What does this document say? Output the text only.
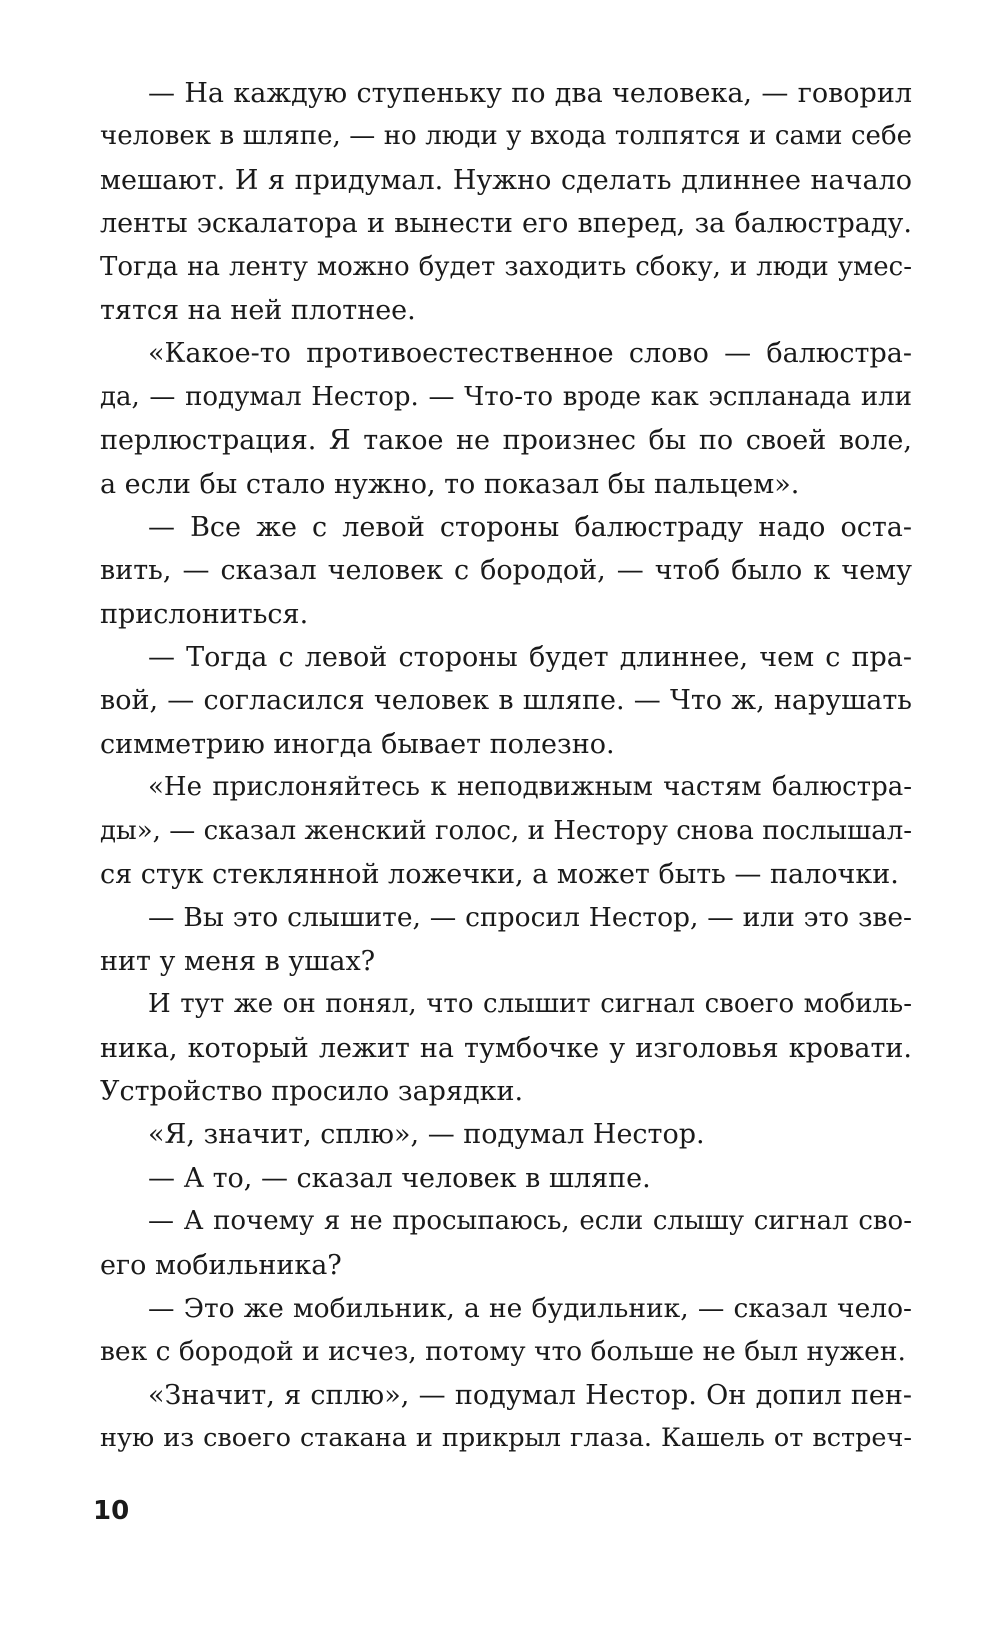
— На каждую ступеньку по два человека, — говорил
человек в шляпе, — но люди у входа толпятся и сами себе
мешают. И я придумал. Нужно сделать длиннее начало
ленты эскалатора и вынести его вперед, за балюстраду.
Тогда на ленту можно будет заходить сбоку, и люди умес-
тятся на ней плотнее.
«Какое-то противоестественное слово — балюстра-
да, — подумал Нестор. — Что-то вроде как эспланада или
перлюстрация. Я такое не произнес бы по своей воле,
а если бы стало нужно, то показал бы пальцем».
— Все же с левой стороны балюстраду надо оста-
вить, — сказал человек с бородой, — чтоб было к чему
прислониться.
— Тогда с левой стороны будет длиннее, чем с пра-
вой, — согласился человек в шляпе. — Что ж, нарушать
симметрию иногда бывает полезно.
«Не прислоняйтесь к неподвижным частям балюстра-
ды», — сказал женский голос, и Нестору снова послышал-
ся стук стеклянной ложечки, а может быть — палочки.
— Вы это слышите, — спросил Нестор, — или это зве-
нит у меня в ушах?
И тут же он понял, что слышит сигнал своего мобиль-
ника, который лежит на тумбочке у изголовья кровати.
Устройство просило зарядки.
«Я, значит, сплю», — подумал Нестор.
— А то, — сказал человек в шляпе.
— А почему я не просыпаюсь, если слышу сигнал сво-
его мобильника?
— Это же мобильник, а не будильник, — сказал чело-
век с бородой и исчез, потому что больше не был нужен.
«Значит, я сплю», — подумал Нестор. Он допил пен-
ную из своего стакана и прикрыл глаза. Кашель от встреч-
10
